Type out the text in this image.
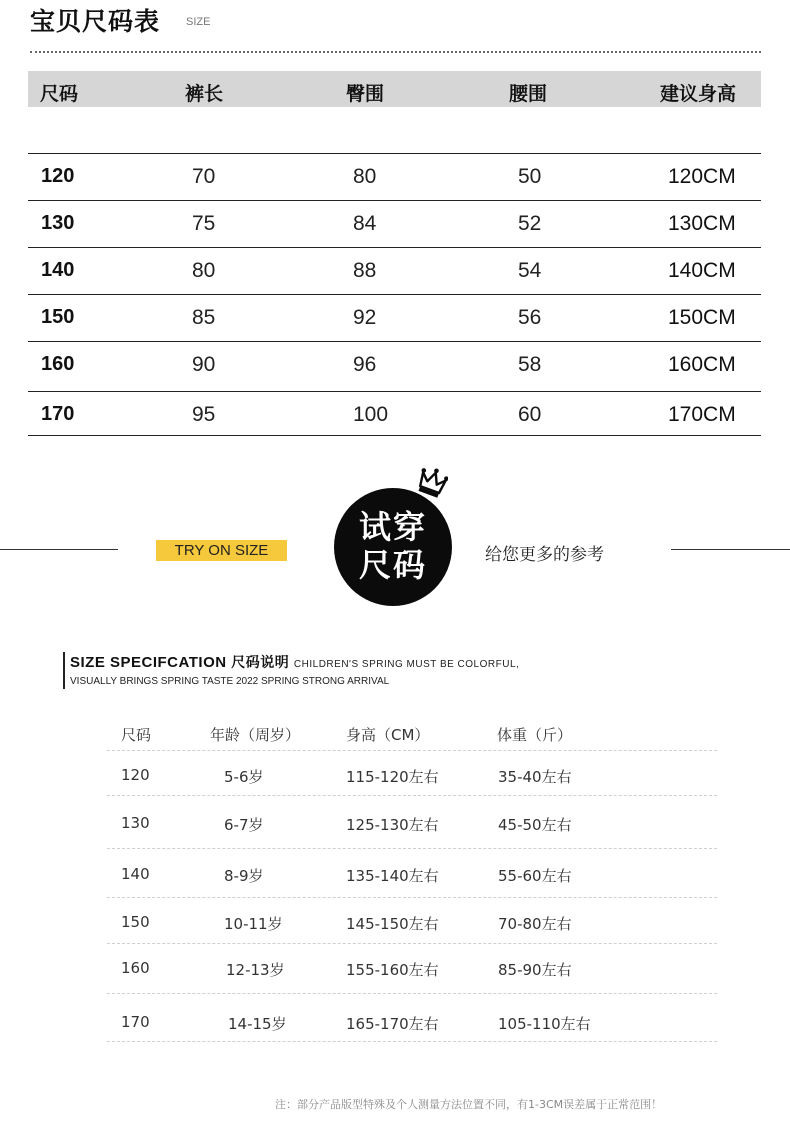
宝贝尺码表 SIZE
尺码	裤长	臀围	腰围	建议身高
120	70	80	50	120CM
130	75	84	52	130CM
140	80	88	54	140CM
150	85	92	56	150CM
160	90	96	58	160CM
170	95	100	60	170CM
TRY ON SIZE
试穿
尺码	给您更多的参考
SIZE SPECIFCATION 尺码说明 CHILDREN'S SPRING MUST BE COLORFUL,
VISUALLY BRINGS SPRING TASTE 2022 SPRING STRONG ARRIVAL
尺码	年龄（周岁）	身高（CM）	体重（斤）
120	5-6岁	115-120左右	35-40左右
130	6-7岁	125-130左右	45-50左右
140	8-9岁	135-140左右	55-60左右
150	10-11岁	145-150左右	70-80左右
160	12-13岁	155-160左右	85-90左右
170	14-15岁	165-170左右	105-110左右
注：部分产品版型特殊及个人测量方法位置不同，有1-3CM误差属于正常范围！
